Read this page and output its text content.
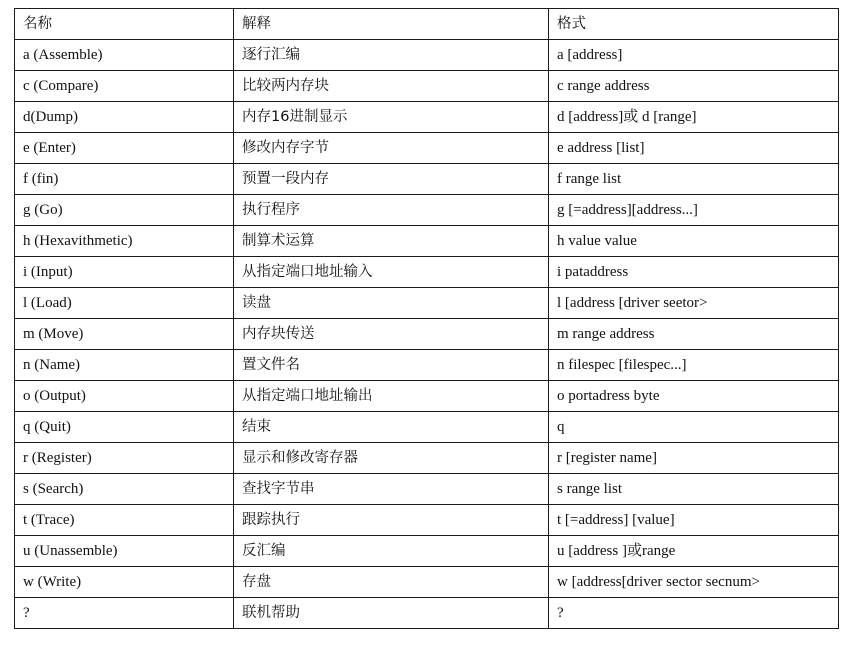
名称	解释	格式
a (Assemble)	逐行汇编	a [address]
c (Compare)	比较两内存块	c range address
d(Dump)	内存16进制显示	d [address]或 d [range]
e (Enter)	修改内存字节	e address [list]
f (fin)	预置一段内存	f range list
g (Go)	执行程序	g [=address][address...]
h (Hexavithmetic)	制算术运算	h value value
i (Input)	从指定端口地址输入	i pataddress
l (Load)	读盘	l [address [driver seetor>
m (Move)	内存块传送	m range address
n (Name)	置文件名	n filespec [filespec...]
o (Output)	从指定端口地址输出	o portadress byte
q (Quit)	结束	q
r (Register)	显示和修改寄存器	r [register name]
s (Search)	查找字节串	s range list
t (Trace)	跟踪执行	t [=address] [value]
u (Unassemble)	反汇编	u [address ]或range
w (Write)	存盘	w [address[driver sector secnum>
?	联机帮助	?
